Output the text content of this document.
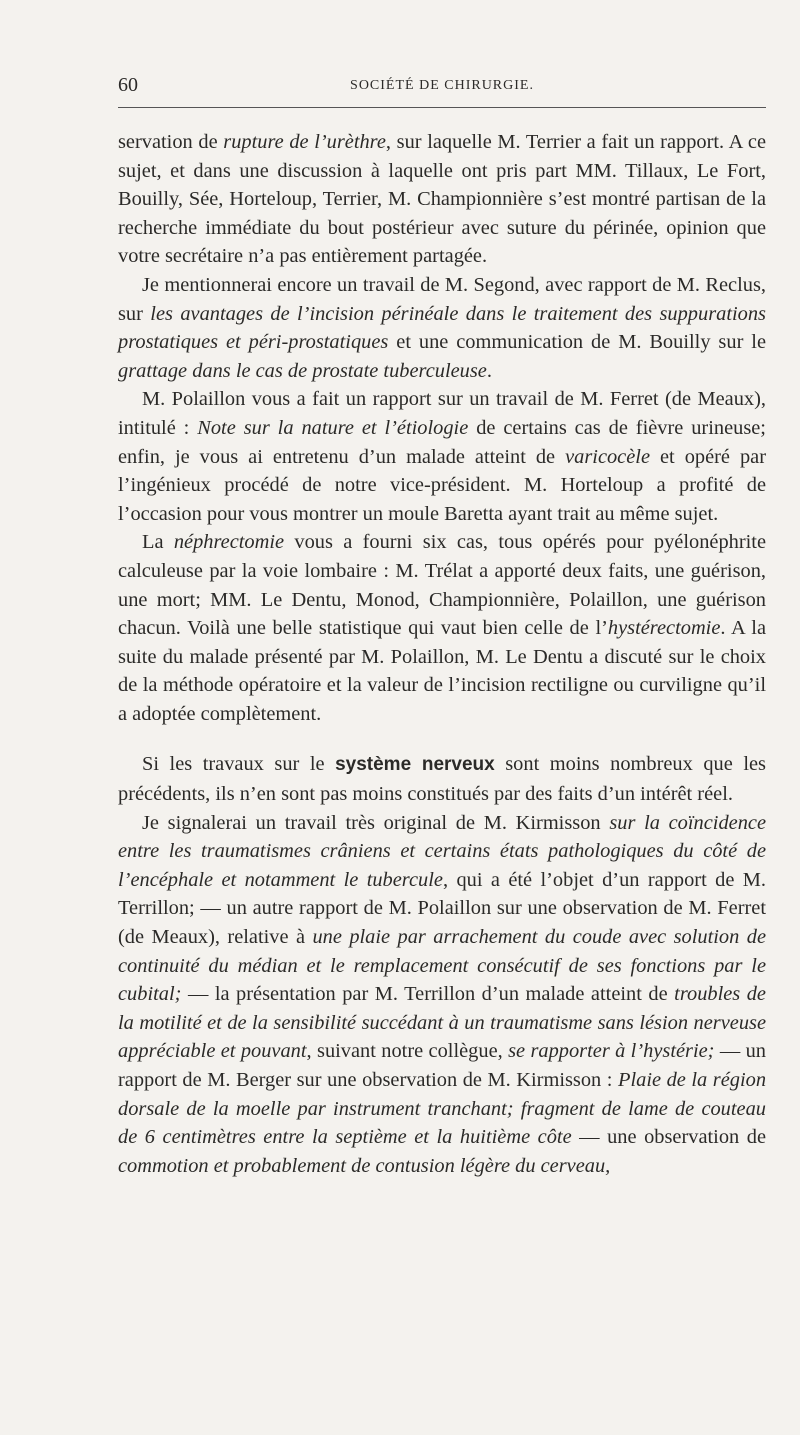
60	SOCIÉTÉ DE CHIRURGIE.

servation de rupture de l’urèthre, sur laquelle M. Terrier a fait un rapport. A ce sujet, et dans une discussion à laquelle ont pris part MM. Tillaux, Le Fort, Bouilly, Sée, Horteloup, Terrier, M. Championnière s’est montré partisan de la recherche immédiate du bout postérieur avec suture du périnée, opinion que votre secrétaire n’a pas entièrement partagée.

Je mentionnerai encore un travail de M. Segond, avec rapport de M. Reclus, sur les avantages de l’incision périnéale dans le traitement des suppurations prostatiques et péri-prostatiques et une communication de M. Bouilly sur le grattage dans le cas de prostate tuberculeuse.

M. Polaillon vous a fait un rapport sur un travail de M. Ferret (de Meaux), intitulé : Note sur la nature et l’étiologie de certains cas de fièvre urineuse; enfin, je vous ai entretenu d’un malade atteint de varicocèle et opéré par l’ingénieux procédé de notre vice-président. M. Horteloup a profité de l’occasion pour vous montrer un moule Baretta ayant trait au même sujet.

La néphrectomie vous a fourni six cas, tous opérés pour pyélonéphrite calculeuse par la voie lombaire : M. Trélat a apporté deux faits, une guérison, une mort; MM. Le Dentu, Monod, Championnière, Polaillon, une guérison chacun. Voilà une belle statistique qui vaut bien celle de l’hystérectomie. A la suite du malade présenté par M. Polaillon, M. Le Dentu a discuté sur le choix de la méthode opératoire et la valeur de l’incision rectiligne ou curviligne qu’il a adoptée complètement.

Si les travaux sur le système nerveux sont moins nombreux que les précédents, ils n’en sont pas moins constitués par des faits d’un intérêt réel.

Je signalerai un travail très original de M. Kirmisson sur la coïncidence entre les traumatismes crâniens et certains états pathologiques du côté de l’encéphale et notamment le tubercule, qui a été l’objet d’un rapport de M. Terrillon; — un autre rapport de M. Polaillon sur une observation de M. Ferret (de Meaux), relative à une plaie par arrachement du coude avec solution de continuité du médian et le remplacement consécutif de ses fonctions par le cubital; — la présentation par M. Terrillon d’un malade atteint de troubles de la motilité et de la sensibilité succédant à un traumatisme sans lésion nerveuse appréciable et pouvant, suivant notre collègue, se rapporter à l’hystérie; — un rapport de M. Berger sur une observation de M. Kirmisson : Plaie de la région dorsale de la moelle par instrument tranchant; fragment de lame de couteau de 6 centimètres entre la septième et la huitième côte — une observation de commotion et probablement de contusion légère du cerveau,
